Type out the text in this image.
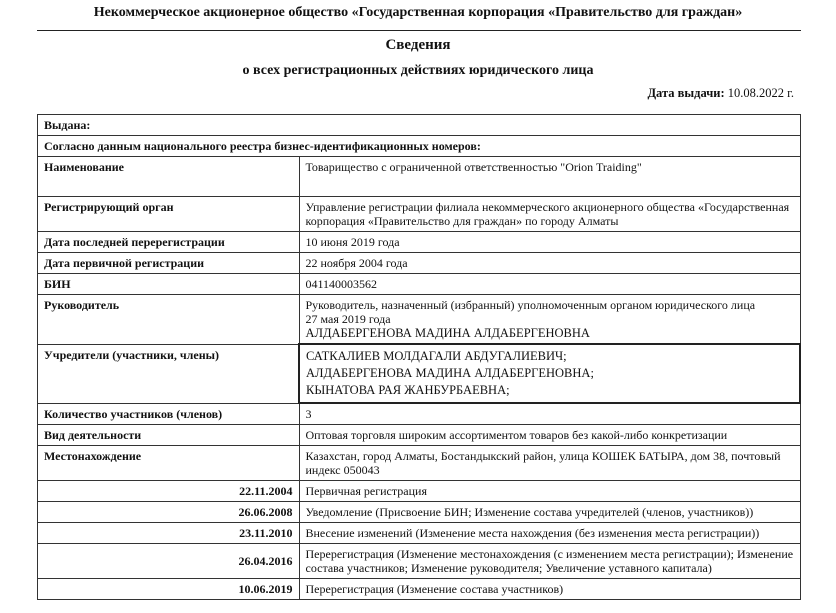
Некоммерческое акционерное общество «Государственная корпорация «Правительство для граждан»
Сведения
о всех регистрационных действиях юридического лица
Дата выдачи: 10.08.2022 г.
Выдана:	
Согласно данным национального реестра бизнес-идентификационных номеров:	
Наименование	Товарищество с ограниченной ответственностью "Orion Traiding"
Регистрирующий орган	Управление регистрации филиала некоммерческого акционерного общества «Государственная корпорация «Правительство для граждан» по городу Алматы
Дата последней перерегистрации	10 июня 2019 года
Дата первичной регистрации	22 ноября 2004 года
БИН	041140003562
Руководитель	Руководитель, назначенный (избранный) уполномоченным органом юридического лица
27 мая 2019 года
АЛДАБЕРГЕНОВА МАДИНА АЛДАБЕРГЕНОВНА

Учредители (участники, члены)	САТКАЛИЕВ МОЛДАГАЛИ АБДУГАЛИЕВИЧ;
АЛДАБЕРГЕНОВА МАДИНА АЛДАБЕРГЕНОВНА;
КЫНАТОВА РАЯ ЖАНБУРБАЕВНА;

Количество участников (членов)	3
Вид деятельности	Оптовая торговля широким ассортиментом товаров без какой-либо конкретизации
Местонахождение	Казахстан, город Алматы, Бостандыкский район, улица КОШЕК БАТЫРА, дом 38, почтовый индекс 050043
22.11.2004	Первичная регистрация
26.06.2008	Уведомление (Присвоение БИН; Изменение состава учредителей (членов, участников))
23.11.2010	Внесение изменений (Изменение места нахождения (без изменения места регистрации))
26.04.2016	Перерегистрация (Изменение местонахождения (с изменением места регистрации); Изменение состава участников; Изменение руководителя; Увеличение уставного капитала)
10.06.2019	Перерегистрация (Изменение состава участников)
